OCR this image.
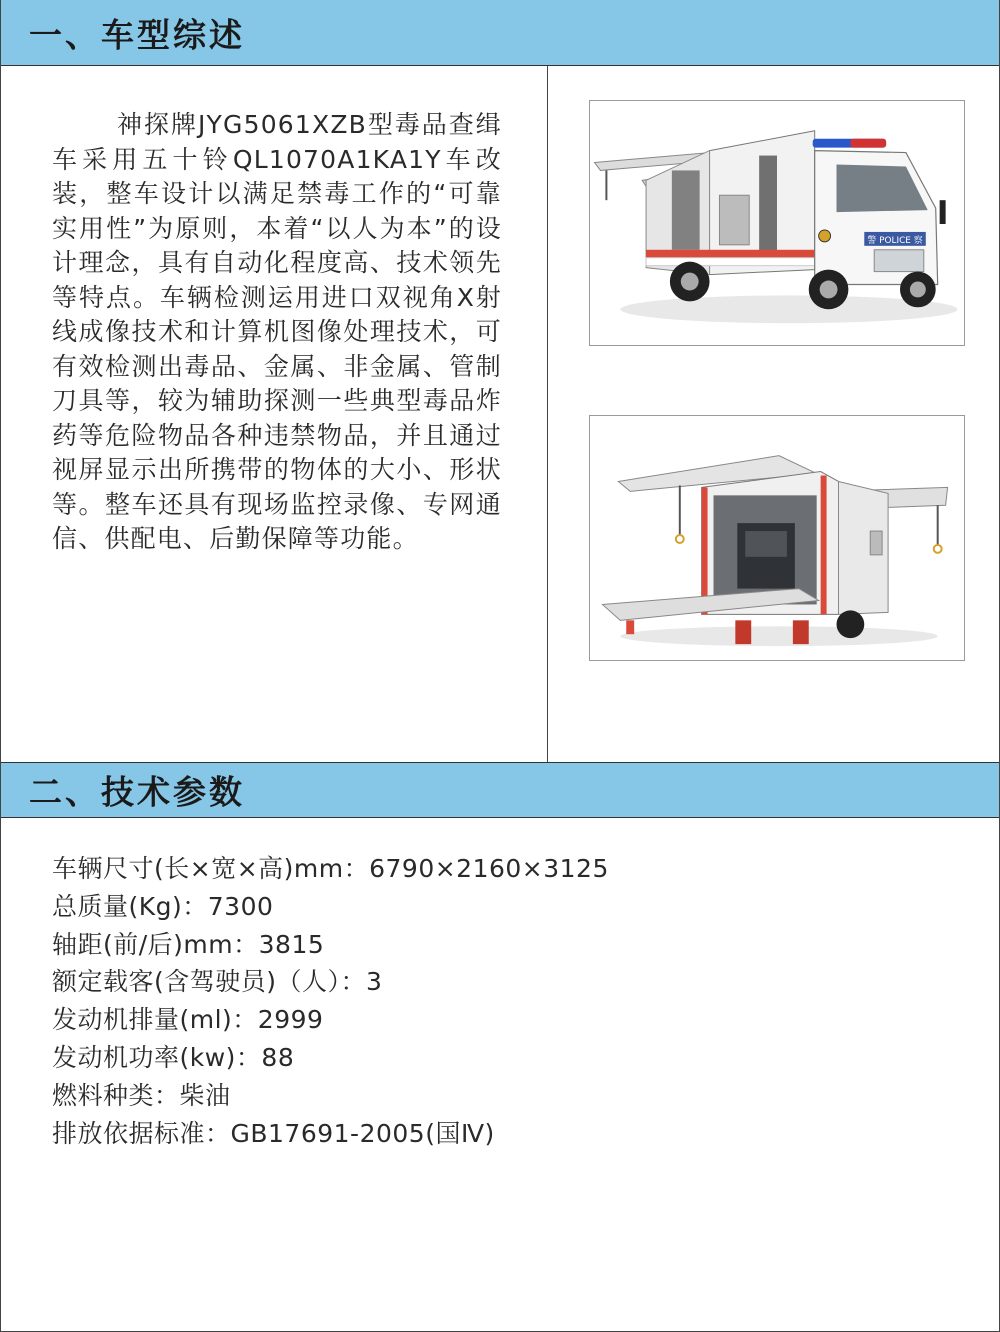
一、车型综述
神探牌JYG5061XZB型毒品查缉车采用五十铃QL1070A1KA1Y车改装，整车设计以满足禁毒工作的“可靠实用性”为原则，本着“以人为本”的设计理念，具有自动化程度高、技术领先等特点。车辆检测运用进口双视角X射线成像技术和计算机图像处理技术，可有效检测出毒品、金属、非金属、管制刀具等，较为辅助探测一些典型毒品炸药等危险物品各种违禁物品，并且通过视屏显示出所携带的物体的大小、形状等。整车还具有现场监控录像、专网通信、供配电、后勤保障等功能。
警 POLICE 察
二、技术参数
车辆尺寸(长×宽×高)mm：6790×2160×3125
总质量(Kg)：7300
轴距(前/后)mm：3815
额定载客(含驾驶员)（人）：3
发动机排量(ml)：2999
发动机功率(kw)：88
燃料种类：柴油
排放依据标准：GB17691-2005(国Ⅳ)
